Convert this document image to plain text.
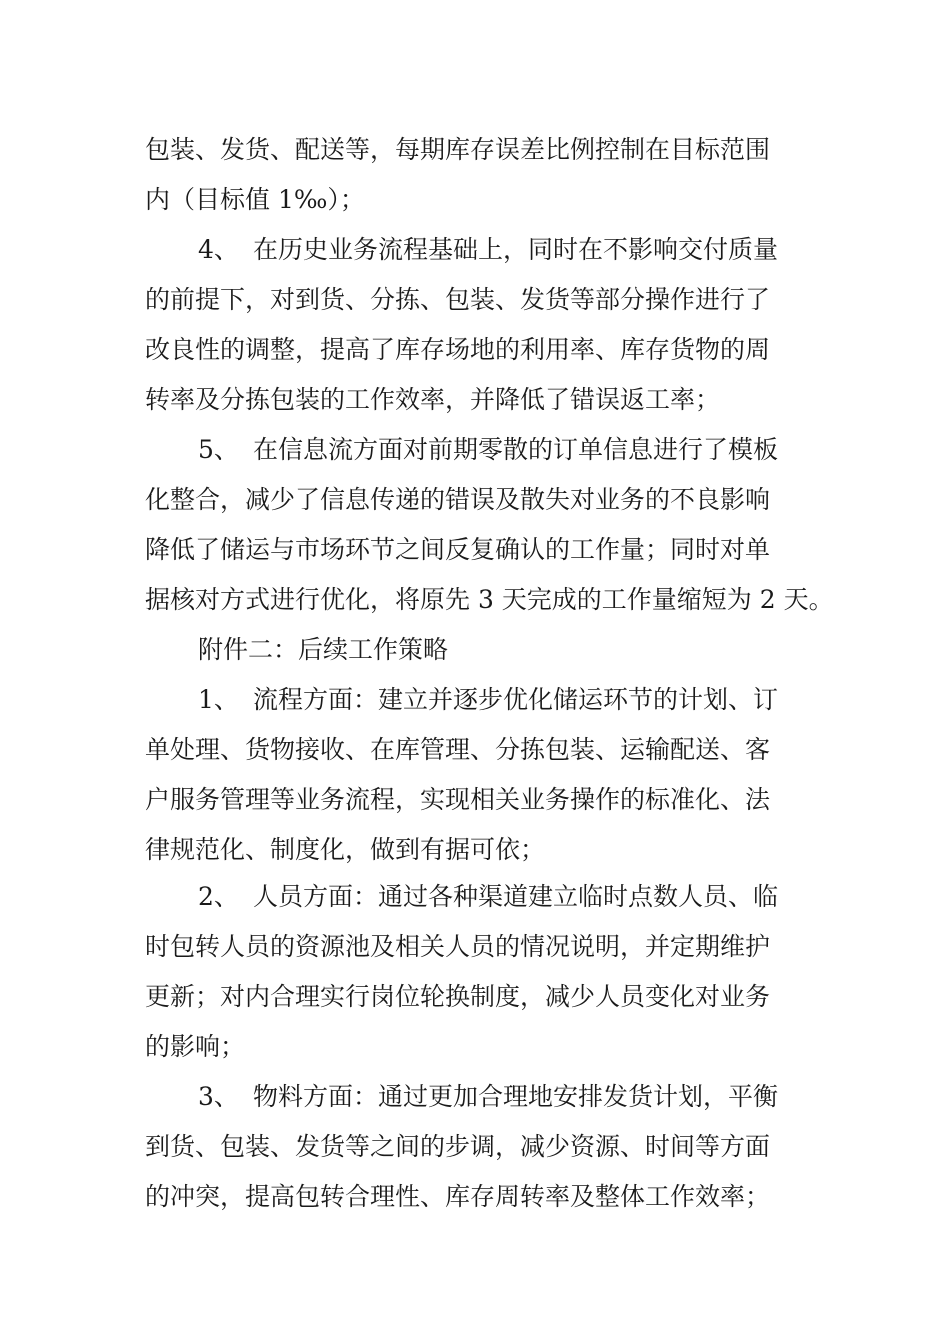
包装、发货、配送等，每期库存误差比例控制在目标范围
内（目标值 1‰）；
4、 在历史业务流程基础上，同时在不影响交付质量
的前提下，对到货、分拣、包装、发货等部分操作进行了
改良性的调整，提高了库存场地的利用率、库存货物的周
转率及分拣包装的工作效率，并降低了错误返工率；
5、 在信息流方面对前期零散的订单信息进行了模板
化整合，减少了信息传递的错误及散失对业务的不良影响
降低了储运与市场环节之间反复确认的工作量；同时对单
据核对方式进行优化，将原先 3 天完成的工作量缩短为 2 天。
附件二：后续工作策略
1、 流程方面：建立并逐步优化储运环节的计划、订
单处理、货物接收、在库管理、分拣包装、运输配送、客
户服务管理等业务流程，实现相关业务操作的标准化、法
律规范化、制度化，做到有据可依；
2、 人员方面：通过各种渠道建立临时点数人员、临
时包转人员的资源池及相关人员的情况说明，并定期维护
更新；对内合理实行岗位轮换制度，减少人员变化对业务
的影响；
3、 物料方面：通过更加合理地安排发货计划，平衡
到货、包装、发货等之间的步调，减少资源、时间等方面
的冲突，提高包转合理性、库存周转率及整体工作效率；
